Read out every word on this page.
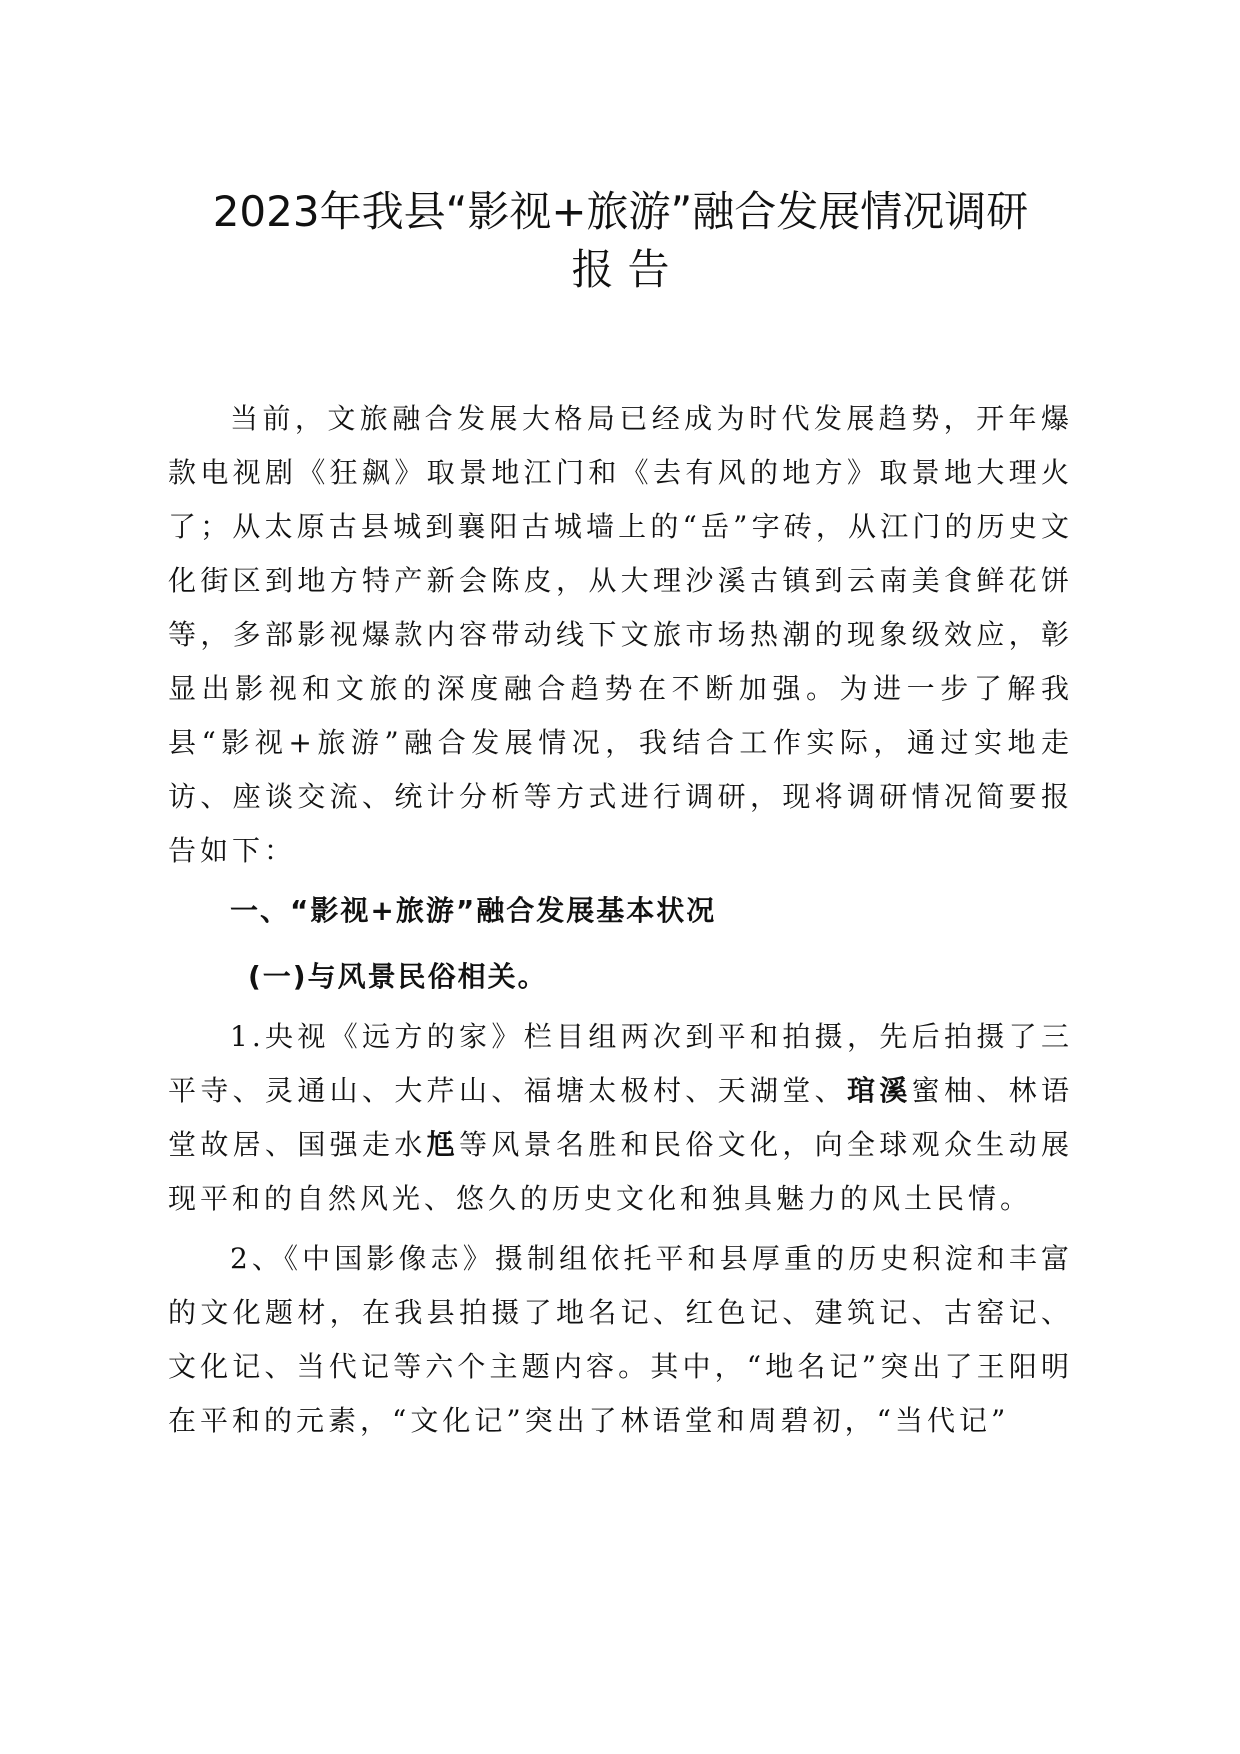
2023年我县“影视+旅游”融合发展情况调研
报告

当前，文旅融合发展大格局已经成为时代发展趋势，开年爆款电视剧《狂飙》取景地江门和《去有风的地方》取景地大理火了；从太原古县城到襄阳古城墙上的“岳”字砖，从江门的历史文化街区到地方特产新会陈皮，从大理沙溪古镇到云南美食鲜花饼等，多部影视爆款内容带动线下文旅市场热潮的现象级效应，彰显出影视和文旅的深度融合趋势在不断加强。为进一步了解我县“影视+旅游”融合发展情况，我结合工作实际，通过实地走访、座谈交流、统计分析等方式进行调研，现将调研情况简要报告如下：

一、“影视+旅游”融合发展基本状况

(一)与风景民俗相关。

1.央视《远方的家》栏目组两次到平和拍摄，先后拍摄了三平寺、灵通山、大芹山、福塘太极村、天湖堂、琯溪蜜柚、林语堂故居、国强走水尪等风景名胜和民俗文化，向全球观众生动展现平和的自然风光、悠久的历史文化和独具魅力的风土民情。

2、《中国影像志》摄制组依托平和县厚重的历史积淀和丰富的文化题材，在我县拍摄了地名记、红色记、建筑记、古窑记、文化记、当代记等六个主题内容。其中，“地名记”突出了王阳明在平和的元素，“文化记”突出了林语堂和周碧初，“当代记”
